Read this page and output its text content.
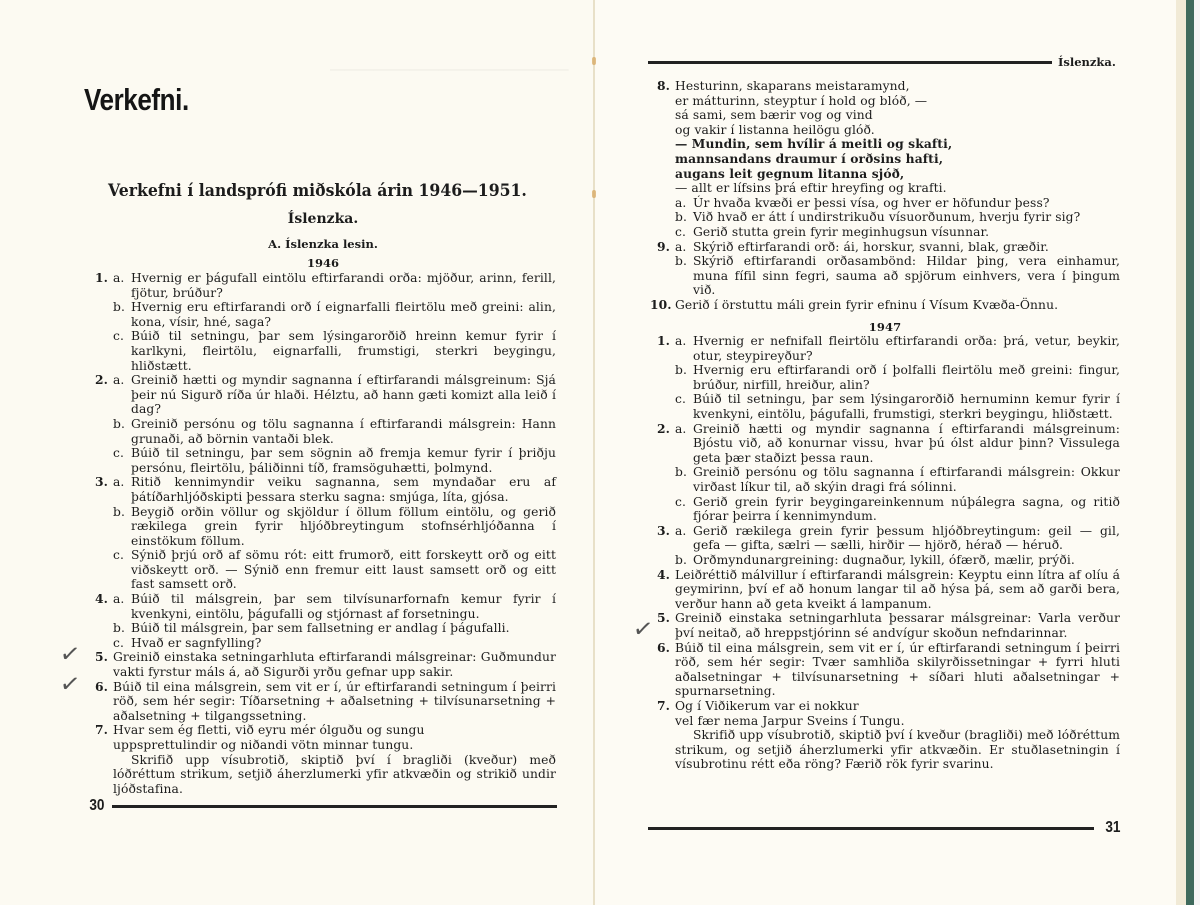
─────────────────────────────────

Verkefni.
Verkefni í landsprófi miðskóla árin 1946—1951.
Íslenzka.
A. Íslenzka lesin.
1946
1. a. Hvernig er þágufall eintölu eftirfarandi orða: mjöður, arinn, ferill, fjötur, brúður?
b. Hvernig eru eftirfarandi orð í eignarfalli fleirtölu með greini: alin, kona, vísir, hné, saga?
c. Búið til setningu, þar sem lýsingarorðið hreinn kemur fyrir í karlkyni, fleirtölu, eignarfalli, frumstigi, sterkri beygingu, hliðstætt.
2. a. Greinið hætti og myndir sagnanna í eftirfarandi málsgreinum: Sjá þeir nú Sigurð ríða úr hlaði. Hélztu, að hann gæti komizt alla leið í dag?
b. Greinið persónu og tölu sagnanna í eftirfarandi málsgrein: Hann grunaði, að börnin vantaði blek.
c. Búið til setningu, þar sem sögnin að fremja kemur fyrir í þriðju persónu, fleirtölu, þáliðinni tíð, framsöguhætti, þolmynd.
3. a. Ritið kennimyndir veiku sagnanna, sem myndaðar eru af þátíðarhljóðskipti þessara sterku sagna: smjúga, líta, gjósa.
b. Beygið orðin völlur og skjöldur í öllum föllum eintölu, og gerið rækilega grein fyrir hljóðbreytingum stofnsérhljóðanna í einstökum föllum.
c. Sýnið þrjú orð af sömu rót: eitt frumorð, eitt forskeytt orð og eitt viðskeytt orð. — Sýnið enn fremur eitt laust samsett orð og eitt fast samsett orð.
4. a. Búið til málsgrein, þar sem tilvísunarfornafn kemur fyrir í kvenkyni, eintölu, þágufalli og stjórnast af forsetningu.
b. Búið til málsgrein, þar sem fallsetning er andlag í þágufalli.
c. Hvað er sagnfylling?
5. Greinið einstaka setningarhluta eftirfarandi málsgreinar: Guðmundur vakti fyrstur máls á, að Sigurði yrðu gefnar upp sakir.
6. Búið til eina málsgrein, sem vit er í, úr eftirfarandi setningum í þeirri röð, sem hér segir: Tíðarsetning + aðalsetning + tilvísunarsetning + aðalsetning + tilgangssetning.
7. Hvar sem ég fletti, við eyru mér ólguðu og sungu
uppsprettulindir og niðandi vötn minnar tungu.
Skrifið upp vísubrotið, skiptið því í bragliði (kveður) með lóðréttum strikum, setjið áherzlumerki yfir atkvæðin og strikið undir ljóðstafina.
✓
✓
30
Íslenzka.
8. Hesturinn, skaparans meistaramynd,
er mátturinn, steyptur í hold og blóð, —
sá sami, sem bærir vog og vind
og vakir í listanna heilögu glóð.
— Mundin, sem hvílir á meitli og skafti,
mannsandans draumur í orðsins hafti,
augans leit gegnum litanna sjóð,
— allt er lífsins þrá eftir hreyfing og krafti.
a. Úr hvaða kvæði er þessi vísa, og hver er höfundur þess?
b. Við hvað er átt í undirstrikuðu vísuorðunum, hverju fyrir sig?
c. Gerið stutta grein fyrir meginhugsun vísunnar.
9. a. Skýrið eftirfarandi orð: ái, horskur, svanni, blak, græðir.
b. Skýrið eftirfarandi orðasambönd: Hildar þing, vera einhamur, muna fífil sinn fegri, sauma að spjörum einhvers, vera í þingum við.
10. Gerið í örstuttu máli grein fyrir efninu í Vísum Kvæða-Önnu.
1947
1. a. Hvernig er nefnifall fleirtölu eftirfarandi orða: þrá, vetur, beykir, otur, steypireyður?
b. Hvernig eru eftirfarandi orð í þolfalli fleirtölu með greini: fingur, brúður, nirfill, hreiður, alin?
c. Búið til setningu, þar sem lýsingarorðið hernuminn kemur fyrir í kvenkyni, eintölu, þágufalli, frumstigi, sterkri beygingu, hliðstætt.
2. a. Greinið hætti og myndir sagnanna í eftirfarandi málsgreinum: Bjóstu við, að konurnar vissu, hvar þú ólst aldur þinn? Vissulega geta þær staðizt þessa raun.
b. Greinið persónu og tölu sagnanna í eftirfarandi málsgrein: Okkur virðast líkur til, að skýin dragi frá sólinni.
c. Gerið grein fyrir beygingareinkennum núþálegra sagna, og ritið fjórar þeirra í kennimyndum.
3. a. Gerið rækilega grein fyrir þessum hljóðbreytingum: geil — gil, gefa — gifta, sælri — sælli, hirðir — hjörð, hérað — héruð.
b. Orðmyndunargreining: dugnaður, lykill, ófærð, mælir, prýði.
4. Leiðréttið málvillur í eftirfarandi málsgrein: Keyptu einn lítra af olíu á geymirinn, því ef að honum langar til að hýsa þá, sem að garði bera, verður hann að geta kveikt á lampanum.
5. Greinið einstaka setningarhluta þessarar málsgreinar: Varla verður því neitað, að hreppstjórinn sé andvígur skoðun nefndarinnar.
6. Búið til eina málsgrein, sem vit er í, úr eftirfarandi setningum í þeirri röð, sem hér segir: Tvær samhliða skilyrðissetningar + fyrri hluti aðalsetningar + tilvísunarsetning + síðari hluti aðalsetningar + spurnarsetning.
7. Og í Viðikerum var ei nokkur
vel fær nema Jarpur Sveins í Tungu.
Skrifið upp vísubrotið, skiptið því í kveður (bragliði) með lóðréttum strikum, og setjið áherzlumerki yfir atkvæðin. Er stuðlasetningin í vísubrotinu rétt eða röng? Færið rök fyrir svarinu.
✓
31
